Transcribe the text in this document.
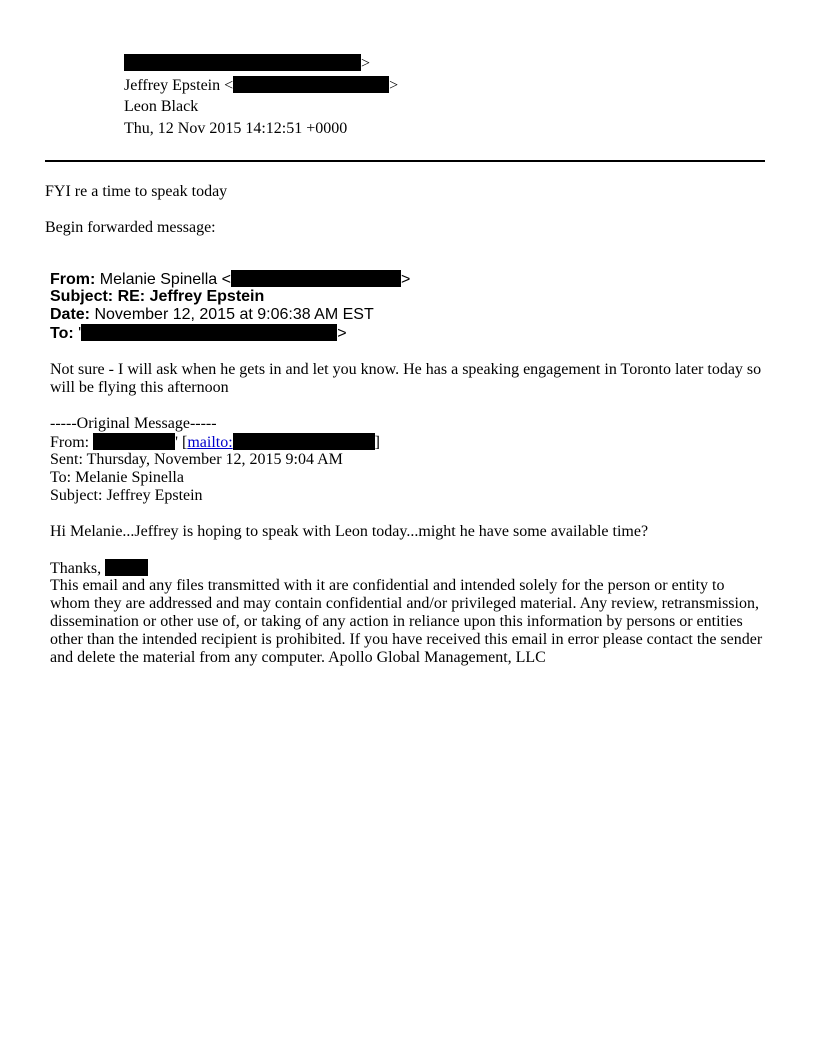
>
Jeffrey Epstein <	>
Leon Black
Thu, 12 Nov 2015 14:12:51 +0000
FYI re a time to speak today
Begin forwarded message:
From: Melanie Spinella <	>
Subject: RE: Jeffrey Epstein
Date: November 12, 2015 at 9:06:38 AM EST
To: '	>
Not sure - I will ask when he gets in and let you know. He has a speaking engagement in Toronto later today so will be flying this afternoon
-----Original Message-----
From:	' [mailto:	]
Sent: Thursday, November 12, 2015 9:04 AM
To: Melanie Spinella
Subject: Jeffrey Epstein
Hi Melanie...Jeffrey is hoping to speak with Leon today...might he have some available time?
Thanks,
This email and any files transmitted with it are confidential and intended solely for the person or entity to whom they are addressed and may contain confidential and/or privileged material. Any review, retransmission, dissemination or other use of, or taking of any action in reliance upon this information by persons or entities other than the intended recipient is prohibited. If you have received this email in error please contact the sender and delete the material from any computer. Apollo Global Management, LLC
